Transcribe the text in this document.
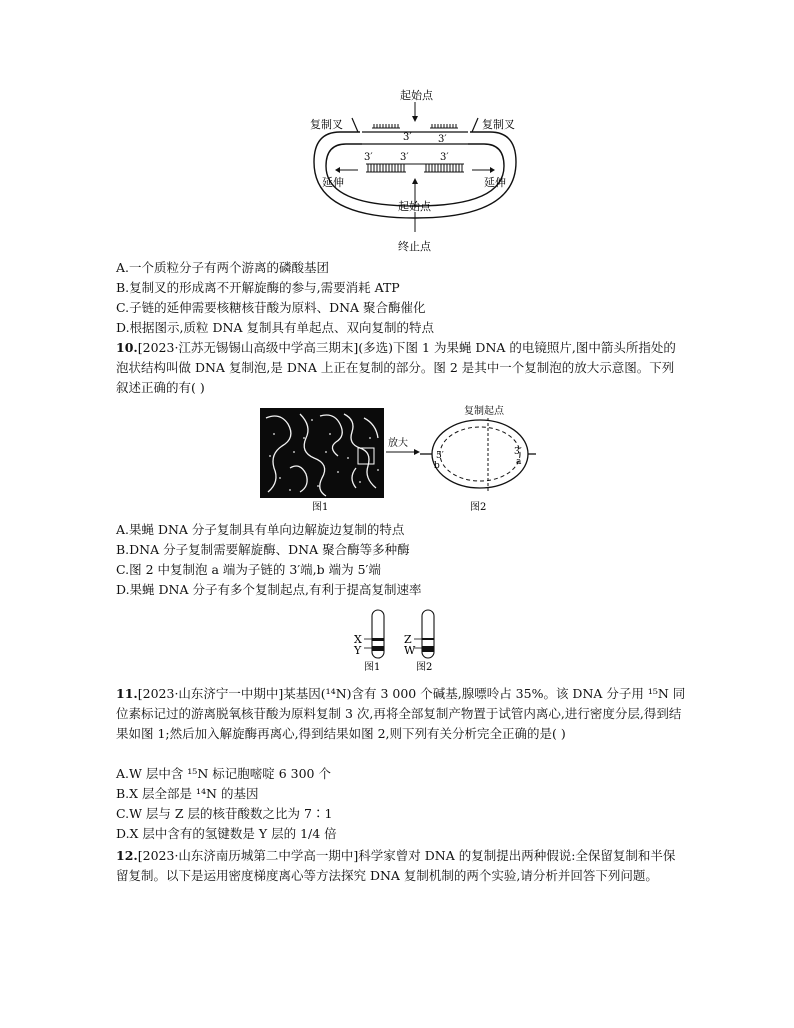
起始点
复制叉	复制叉
延伸	延伸
起始点
终止点
3′	3′
3′	3′	3′
A.一个质粒分子有两个游离的磷酸基团
B.复制叉的形成离不开解旋酶的参与,需要消耗 ATP
C.子链的延伸需要核糖核苷酸为原料、DNA 聚合酶催化
D.根据图示,质粒 DNA 复制具有单起点、双向复制的特点
10.[2023·江苏无锡锡山高级中学高三期末](多选)下图 1 为果蝇 DNA 的电镜照片,图中箭头所指处的泡状结构叫做 DNA 复制泡,是 DNA 上正在复制的部分。图 2 是其中一个复制泡的放大示意图。下列叙述正确的有( )
图1
放大
复制起点
5′
b
3′
a
图2
A.果蝇 DNA 分子复制具有单向边解旋边复制的特点
B.DNA 分子复制需要解旋酶、DNA 聚合酶等多种酶
C.图 2 中复制泡 a 端为子链的 3′端,b 端为 5′端
D.果蝇 DNA 分子有多个复制起点,有利于提高复制速率
X
Y
图1
Z
W
图2
11.[2023·山东济宁一中期中]某基因(¹⁴N)含有 3 000 个碱基,腺嘌呤占 35%。该 DNA 分子用 ¹⁵N 同位素标记过的游离脱氧核苷酸为原料复制 3 次,再将全部复制产物置于试管内离心,进行密度分层,得到结果如图 1;然后加入解旋酶再离心,得到结果如图 2,则下列有关分析完全正确的是( )
A.W 层中含 ¹⁵N 标记胞嘧啶 6 300 个
B.X 层全部是 ¹⁴N 的基因
C.W 层与 Z 层的核苷酸数之比为 7∶1
D.X 层中含有的氢键数是 Y 层的 1/4 倍
12.[2023·山东济南历城第二中学高一期中]科学家曾对 DNA 的复制提出两种假说:全保留复制和半保留复制。以下是运用密度梯度离心等方法探究 DNA 复制机制的两个实验,请分析并回答下列问题。
